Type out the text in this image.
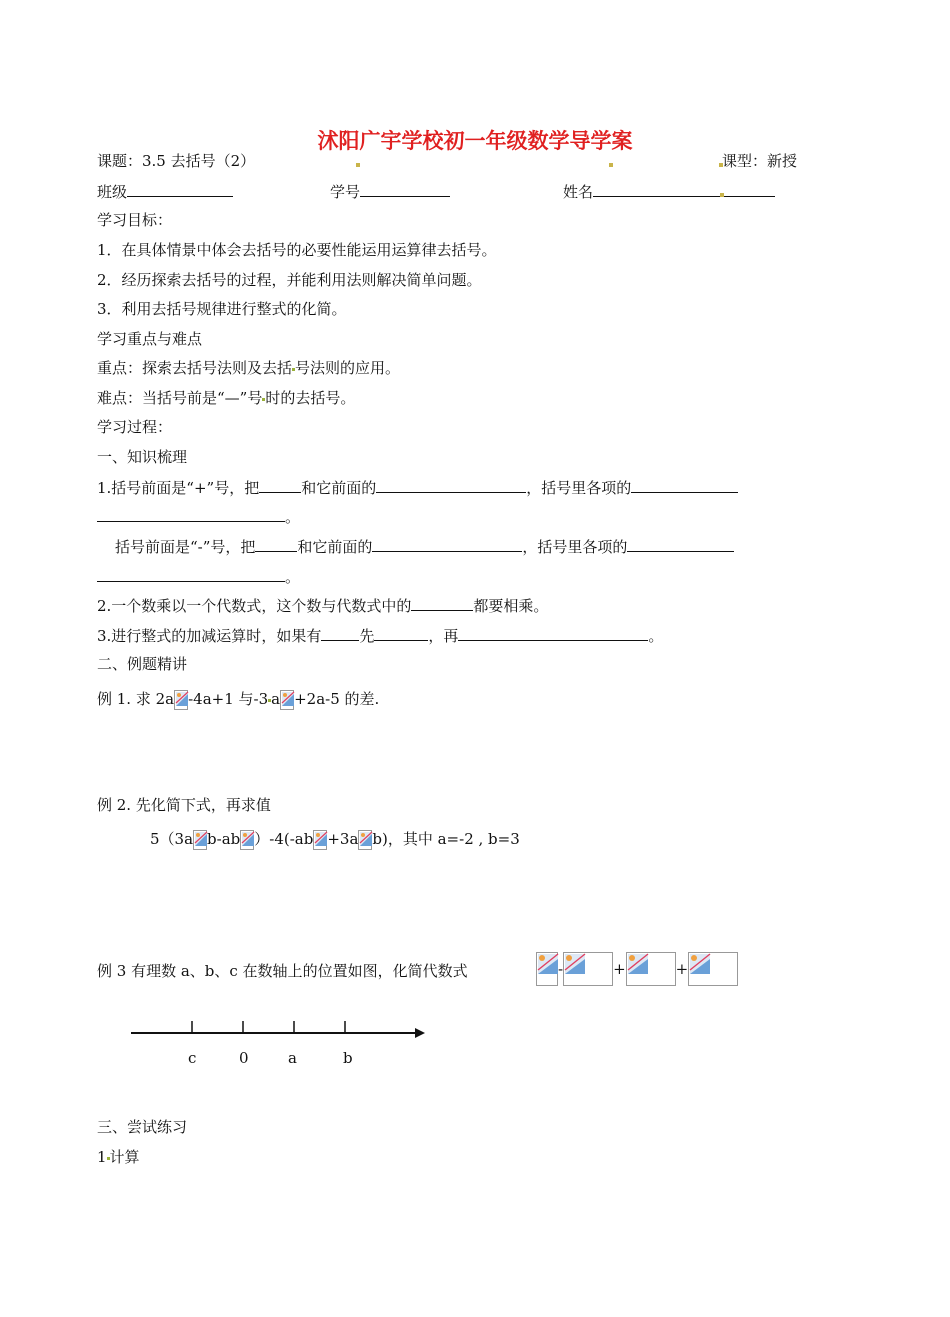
沭阳广宇学校初一年级数学导学案
课题：3.5 去括号（2）	课型：新授
班级	学号	姓名
学习目标：
1．在具体情景中体会去括号的必要性能运用运算律去括号。
2．经历探索去括号的过程，并能利用法则解决简单问题。
3．利用去括号规律进行整式的化简。
学习重点与难点
重点：探索去括号法则及去括 号法则的应用。
难点：当括号前是“—”号 时的去括号。
学习过程：
一、知识梳理
1.括号前面是“+”号，把	和它前面的	，括号里各项的
。
括号前面是“-”号，把	和它前面的	，括号里各项的
。
2.一个数乘以一个代数式，这个数与代数式中的	都要相乘。
3.进行整式的加减运算时，如果有	先	，再	。
二、例题精讲
例 1. 求 2a -4a+1 与-3 a +2a-5 的差.
例 2. 先化简下式，再求值
5（3a b-ab ）-4(-ab +3a b)，其中 a=-2 , b=3
例 3 有理数 a、b、c 在数轴上的位置如图，化简代数式	-	+	+
c	0	a	b
三、尝试练习
1 计算
